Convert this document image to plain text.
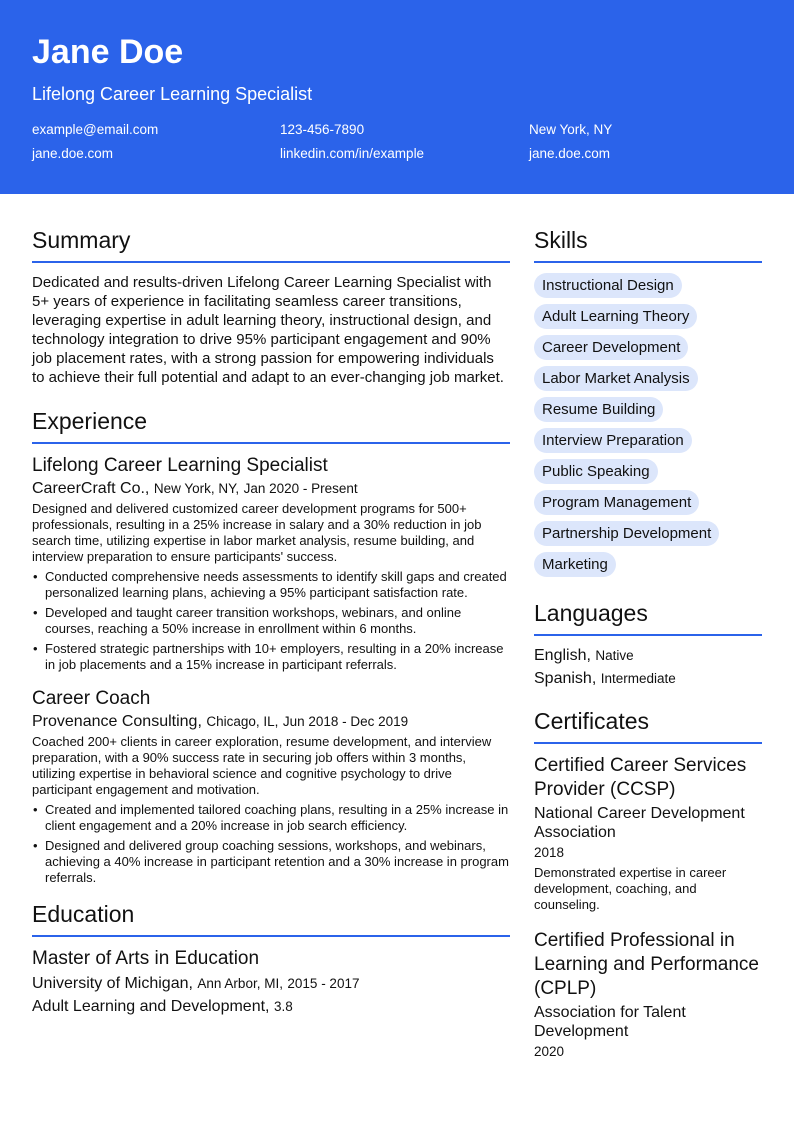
Jane Doe
Lifelong Career Learning Specialist
example@email.com	123-456-7890	New York, NY
jane.doe.com	linkedin.com/in/example	jane.doe.com
Summary
Dedicated and results-driven Lifelong Career Learning Specialist with 5+ years of experience in facilitating seamless career transitions, leveraging expertise in adult learning theory, instructional design, and technology integration to drive 95% participant engagement and 90% job placement rates, with a strong passion for empowering individuals to achieve their full potential and adapt to an ever-changing job market.
Experience
Lifelong Career Learning Specialist
CareerCraft Co., New York, NY, Jan 2020 - Present
Designed and delivered customized career development programs for 500+ professionals, resulting in a 25% increase in salary and a 30% reduction in job search time, utilizing expertise in labor market analysis, resume building, and interview preparation to ensure participants' success.
• Conducted comprehensive needs assessments to identify skill gaps and created personalized learning plans, achieving a 95% participant satisfaction rate.
• Developed and taught career transition workshops, webinars, and online courses, reaching a 50% increase in enrollment within 6 months.
• Fostered strategic partnerships with 10+ employers, resulting in a 20% increase in job placements and a 15% increase in participant referrals.
Career Coach
Provenance Consulting, Chicago, IL, Jun 2018 - Dec 2019
Coached 200+ clients in career exploration, resume development, and interview preparation, with a 90% success rate in securing job offers within 3 months, utilizing expertise in behavioral science and cognitive psychology to drive participant engagement and motivation.
• Created and implemented tailored coaching plans, resulting in a 25% increase in client engagement and a 20% increase in job search efficiency.
• Designed and delivered group coaching sessions, workshops, and webinars, achieving a 40% increase in participant retention and a 30% increase in program referrals.
Education
Master of Arts in Education
University of Michigan, Ann Arbor, MI, 2015 - 2017
Adult Learning and Development, 3.8
Skills
Instructional Design
Adult Learning Theory
Career Development
Labor Market Analysis
Resume Building
Interview Preparation
Public Speaking
Program Management
Partnership Development
Marketing
Languages
English, Native
Spanish, Intermediate
Certificates
Certified Career Services Provider (CCSP)
National Career Development Association
2018
Demonstrated expertise in career development, coaching, and counseling.
Certified Professional in Learning and Performance (CPLP)
Association for Talent Development
2020
